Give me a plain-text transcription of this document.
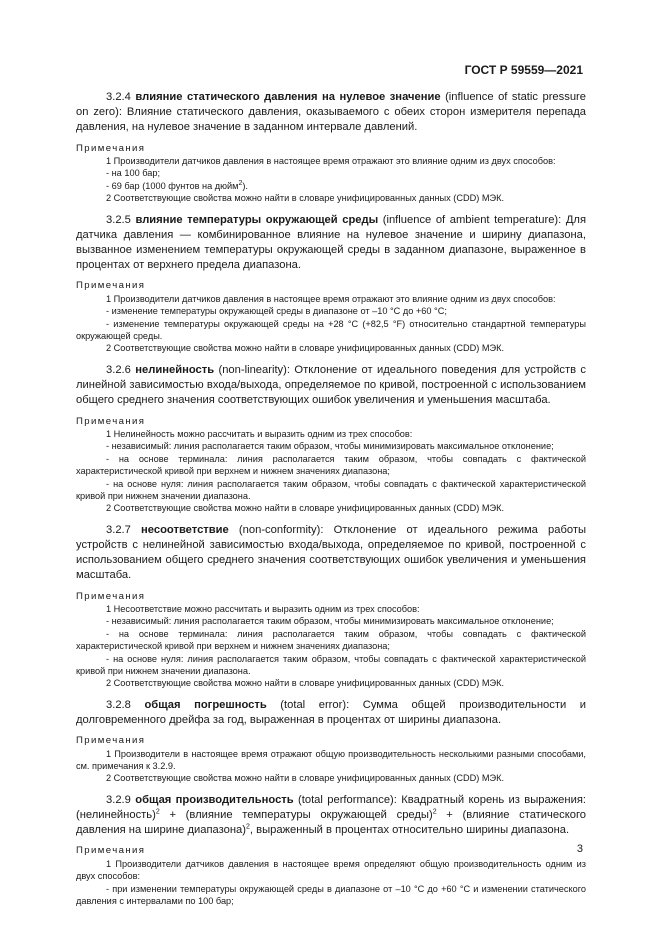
ГОСТ Р 59559—2021

3.2.4 влияние статического давления на нулевое значение (influence of static pressure on zero): Влияние статического давления, оказываемого с обеих сторон измерителя перепада давления, на нулевое значение в заданном интервале давлений.

Примечания

1 Производители датчиков давления в настоящее время отражают это влияние одним из двух способов:

- на 100 бар;

- 69 бар (1000 фунтов на дюйм$^2$).

2 Соответствующие свойства можно найти в словаре унифицированных данных (CDD) МЭК.

3.2.5 влияние температуры окружающей среды (influence of ambient temperature): Для датчика давления — комбинированное влияние на нулевое значение и ширину диапазона, вызванное изменением температуры окружающей среды в заданном диапазоне, выраженное в процентах от верхнего предела диапазона.

Примечания

1 Производители датчиков давления в настоящее время отражают это влияние одним из двух способов:

- изменение температуры окружающей среды в диапазоне от –10 °C до +60 °C;

- изменение температуры окружающей среды на +28 °C (+82,5 °F) относительно стандартной температуры окружающей среды.

2 Соответствующие свойства можно найти в словаре унифицированных данных (CDD) МЭК.

3.2.6 нелинейность (non-linearity): Отклонение от идеального поведения для устройств с линейной зависимостью входа/выхода, определяемое по кривой, построенной с использованием общего среднего значения соответствующих ошибок увеличения и уменьшения масштаба.

Примечания

1 Нелинейность можно рассчитать и выразить одним из трех способов:

- независимый: линия располагается таким образом, чтобы минимизировать максимальное отклонение;

- на основе терминала: линия располагается таким образом, чтобы совпадать с фактической характеристической кривой при верхнем и нижнем значениях диапазона;

- на основе нуля: линия располагается таким образом, чтобы совпадать с фактической характеристической кривой при нижнем значении диапазона.

2 Соответствующие свойства можно найти в словаре унифицированных данных (CDD) МЭК.

3.2.7 несоответствие (non-conformity): Отклонение от идеального режима работы устройств с нелинейной зависимостью входа/выхода, определяемое по кривой, построенной с использованием общего среднего значения соответствующих ошибок увеличения и уменьшения масштаба.

Примечания

1 Несоответствие можно рассчитать и выразить одним из трех способов:

- независимый: линия располагается таким образом, чтобы минимизировать максимальное отклонение;

- на основе терминала: линия располагается таким образом, чтобы совпадать с фактической характеристической кривой при верхнем и нижнем значениях диапазона;

- на основе нуля: линия располагается таким образом, чтобы совпадать с фактической характеристической кривой при нижнем значении диапазона.

2 Соответствующие свойства можно найти в словаре унифицированных данных (CDD) МЭК.

3.2.8 общая погрешность (total error): Сумма общей производительности и долговременного дрейфа за год, выраженная в процентах от ширины диапазона.

Примечания

1 Производители в настоящее время отражают общую производительность несколькими разными способами, см. примечания к 3.2.9.

2 Соответствующие свойства можно найти в словаре унифицированных данных (CDD) МЭК.

3.2.9 общая производительность (total performance): Квадратный корень из выражения: (нелинейность)$^2$ + (влияние температуры окружающей среды)$^2$ + (влияние статического давления на ширине диапазона)$^2$, выраженный в процентах относительно ширины диапазона.

Примечания

1 Производители датчиков давления в настоящее время определяют общую производительность одним из двух способов:

- при изменении температуры окружающей среды в диапазоне от –10 °C до +60 °C и изменении статического давления с интервалами по 100 бар;

3
